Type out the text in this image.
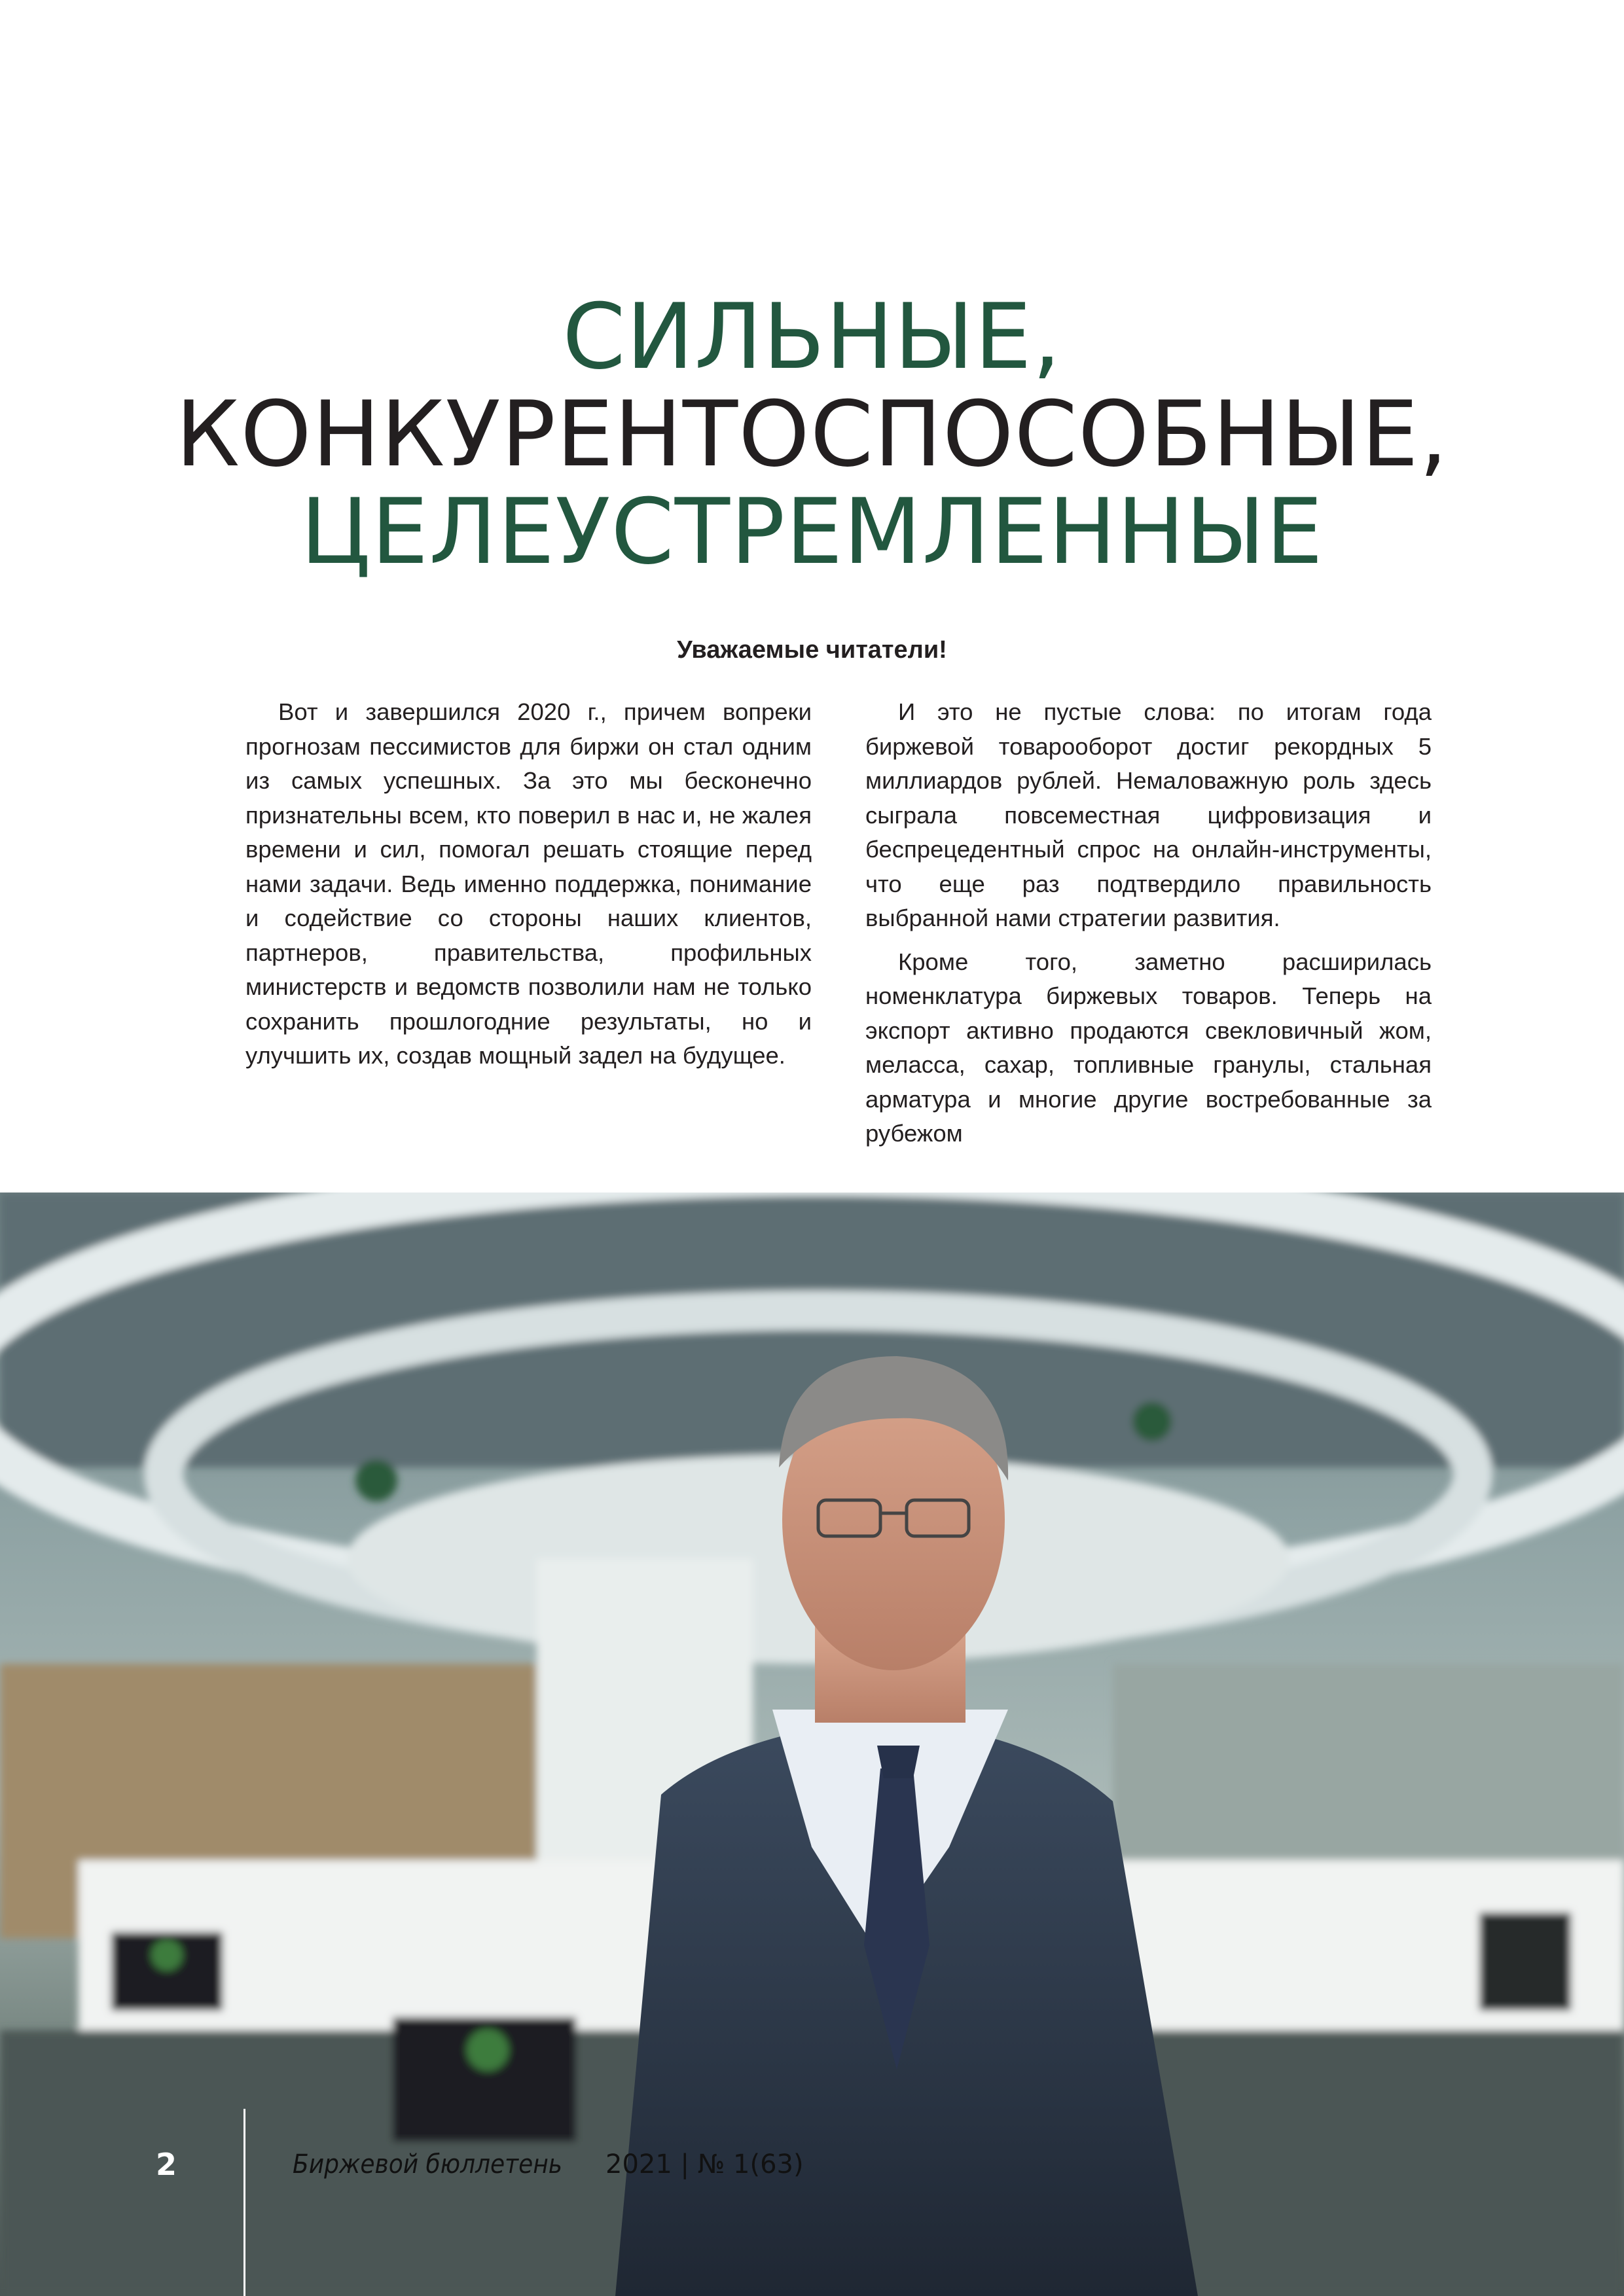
СИЛЬНЫЕ,
КОНКУРЕНТОСПОСОБНЫЕ,
ЦЕЛЕУСТРЕМЛЕННЫЕ
Уважаемые читатели!

Вот и завершился 2020 г., причем вопреки прогнозам пессимистов для биржи он стал одним из самых успешных. За это мы бесконечно признательны всем, кто поверил в нас и, не жалея времени и сил, помогал решать стоящие перед нами задачи. Ведь именно поддержка, понимание и содействие со стороны наших клиентов, партнеров, правительства, профильных министерств и ведомств позволили нам не только сохранить прошлогодние результаты, но и улучшить их, создав мощный задел на будущее.

И это не пустые слова: по итогам года биржевой товарооборот достиг рекордных 5 миллиардов рублей. Немаловажную роль здесь сыграла повсеместная цифровизация и беспрецедентный спрос на онлайн-инструменты, что еще раз подтвердило правильность выбранной нами стратегии развития.

Кроме того, заметно расширилась номенклатура биржевых товаров. Теперь на экспорт активно продаются свекловичный жом, меласса, сахар, топливные гранулы, стальная арматура и многие другие востребованные за рубежом

2	Биржевой бюллетень 2021 | № 1(63)
